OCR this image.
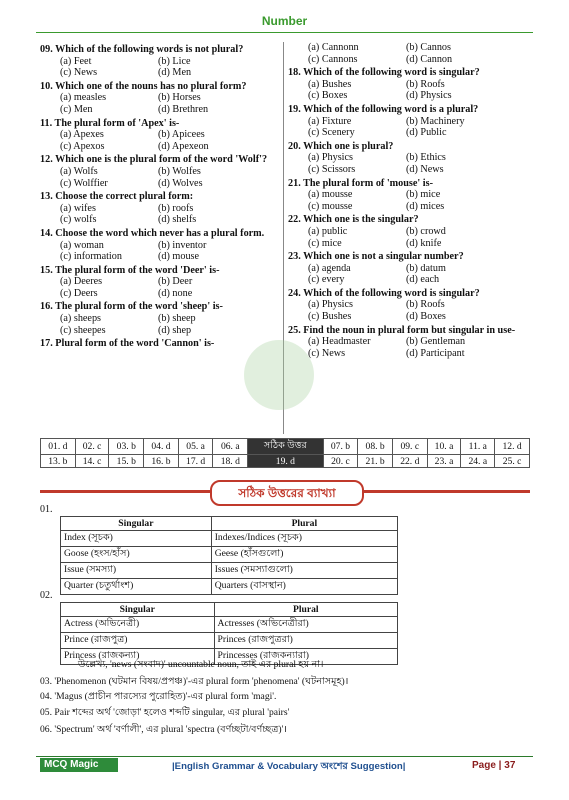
Number
09. Which of the following words is not plural?
(a) Feet	(b) Lice
(c) News	(d) Men
10. Which one of the nouns has no plural form?
(a) measles	(b) Horses
(c) Men	(d) Brethren
11. The plural form of 'Apex' is-
(a) Apexes	(b) Apicees
(c) Apexos	(d) Apexeon
12. Which one is the plural form of the word 'Wolf'?
(a) Wolfs	(b) Wolfes
(c) Wolffier	(d) Wolves
13. Choose the correct plural form:
(a) wifes	(b) roofs
(c) wolfs	(d) shelfs
14. Choose the word which never has a plural form.
(a) woman	(b) inventor
(c) information	(d) mouse
15. The plural form of the word 'Deer' is-
(a) Deeres	(b) Deer
(c) Deers	(d) none
16. The plural form of the word 'sheep' is-
(a) sheeps	(b) sheep
(c) sheepes	(d) shep
17. Plural form of the word 'Cannon' is-
(a) Cannonn	(b) Cannos
(c) Cannons	(d) Cannon
18. Which of the following word is singular?
(a) Bushes	(b) Roofs
(c) Boxes	(d) Physics
19. Which of the following word is a plural?
(a) Fixture	(b) Machinery
(c) Scenery	(d) Public
20. Which one is plural?
(a) Physics	(b) Ethics
(c) Scissors	(d) News
21. The plural form of 'mouse' is-
(a) mousse	(b) mice
(c) mousse	(d) mices
22. Which one is the singular?
(a) public	(b) crowd
(c) mice	(d) knife
23. Which one is not a singular number?
(a) agenda	(b) datum
(c) every	(d) each
24. Which of the following word is singular?
(a) Physics	(b) Roofs
(c) Bushes	(d) Boxes
25. Find the noun in plural form but singular in use-
(a) Headmaster	(b) Gentleman
(c) News	(d) Participant
01. d	02. c	03. b	04. d	05. a	06. a	সঠিক উত্তর	07. b	08. b	09. c	10. a	11. a	12. d
13. b	14. c	15. b	16. b	17. d	18. d	19. d	20. c	21. b	22. d	23. a	24. a	25. c
সঠিক উত্তরের ব্যাখ্যা
01.
Singular	Plural
Index (সূচক)	Indexes/Indices (সূচক)
Goose (হংস/হাঁস)	Geese (হাঁসগুলো)
Issue (সমস্যা)	Issues (সমস্যাগুলো)
Quarter (চতুর্থাংশ)	Quarters (বাসস্থান)
02.
Singular	Plural
Actress (অভিনেত্রী)	Actresses (অভিনেত্রীরা)
Prince (রাজপুত্র)	Princes (রাজপুত্ররা)
Princess (রাজকন্যা)	Princesses (রাজকন্যারা)
উল্লেখ্য, 'news (সংবাদ)' uncountable noun, তাই এর plural হয় না।
03. 'Phenomenon (ঘটমান বিষয়/প্রপঞ্চ)'-এর plural form 'phenomena' (ঘটনাসমূহ)।
04. 'Magus (প্রাচীন পারস্যের পুরোহিত)'-এর plural form 'magi'.
05. Pair শব্দের অর্থ 'জোড়া' হলেও শব্দটি singular, এর plural 'pairs'
06. 'Spectrum' অর্থ 'বর্ণালী', এর plural 'spectra (বর্ণচ্ছটা/বর্ণচ্ছত্র)'।
MCQ Magic	|English Grammar & Vocabulary অংশের Suggestion|	Page | 37
